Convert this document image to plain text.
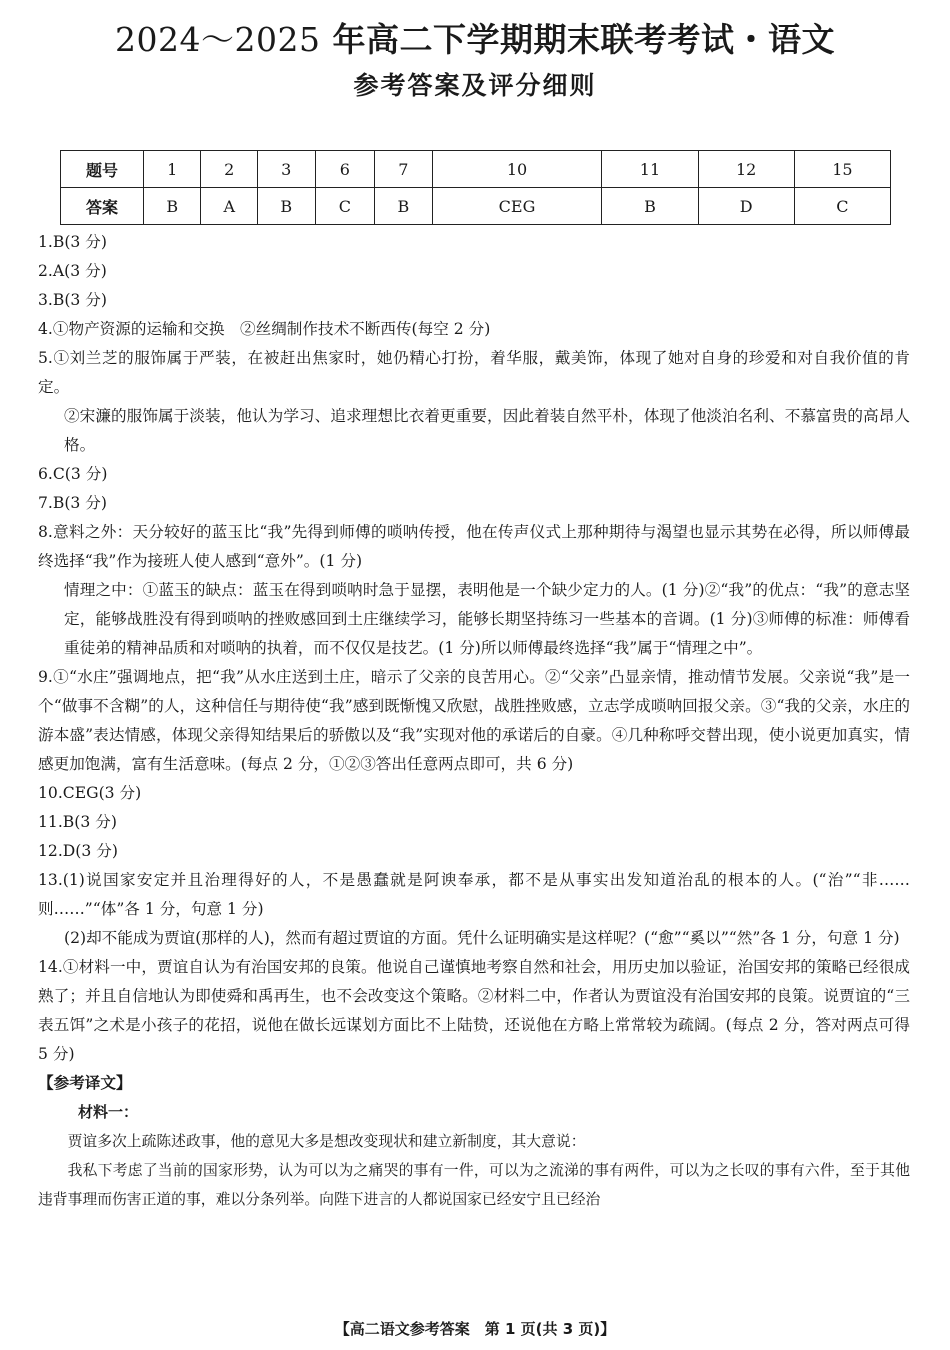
2024～2025 年高二下学期期末联考考试・语文
参考答案及评分细则
题号	1	2	3	6	7	10	11	12	15
答案	B	A	B	C	B	CEG	B	D	C
1.B(3 分)
2.A(3 分)
3.B(3 分)
4.①物产资源的运输和交换　②丝绸制作技术不断西传(每空 2 分)
5.①刘兰芝的服饰属于严装，在被赶出焦家时，她仍精心打扮，着华服，戴美饰，体现了她对自身的珍爱和对自我价值的肯定。
②宋濂的服饰属于淡装，他认为学习、追求理想比衣着更重要，因此着装自然平朴，体现了他淡泊名利、不慕富贵的高昂人格。
6.C(3 分)
7.B(3 分)
8.意料之外：天分较好的蓝玉比“我”先得到师傅的唢呐传授，他在传声仪式上那种期待与渴望也显示其势在必得，所以师傅最终选择“我”作为接班人使人感到“意外”。(1 分)
情理之中：①蓝玉的缺点：蓝玉在得到唢呐时急于显摆，表明他是一个缺少定力的人。(1 分)②“我”的优点：“我”的意志坚定，能够战胜没有得到唢呐的挫败感回到土庄继续学习，能够长期坚持练习一些基本的音调。(1 分)③师傅的标准：师傅看重徒弟的精神品质和对唢呐的执着，而不仅仅是技艺。(1 分)所以师傅最终选择“我”属于“情理之中”。
9.①“水庄”强调地点，把“我”从水庄送到土庄，暗示了父亲的良苦用心。②“父亲”凸显亲情，推动情节发展。父亲说“我”是一个“做事不含糊”的人，这种信任与期待使“我”感到既惭愧又欣慰，战胜挫败感，立志学成唢呐回报父亲。③“我的父亲，水庄的游本盛”表达情感，体现父亲得知结果后的骄傲以及“我”实现对他的承诺后的自豪。④几种称呼交替出现，使小说更加真实，情感更加饱满，富有生活意味。(每点 2 分，①②③答出任意两点即可，共 6 分)
10.CEG(3 分)
11.B(3 分)
12.D(3 分)
13.(1)说国家安定并且治理得好的人，不是愚蠢就是阿谀奉承，都不是从事实出发知道治乱的根本的人。(“治”“非……则……”“体”各 1 分，句意 1 分)
(2)却不能成为贾谊(那样的人)，然而有超过贾谊的方面。凭什么证明确实是这样呢？(“愈”“奚以”“然”各 1 分，句意 1 分)
14.①材料一中，贾谊自认为有治国安邦的良策。他说自己谨慎地考察自然和社会，用历史加以验证，治国安邦的策略已经很成熟了；并且自信地认为即使舜和禹再生，也不会改变这个策略。②材料二中，作者认为贾谊没有治国安邦的良策。说贾谊的“三表五饵”之术是小孩子的花招，说他在做长远谋划方面比不上陆贽，还说他在方略上常常较为疏阔。(每点 2 分，答对两点可得 5 分)
【参考译文】
材料一：
贾谊多次上疏陈述政事，他的意见大多是想改变现状和建立新制度，其大意说：
我私下考虑了当前的国家形势，认为可以为之痛哭的事有一件，可以为之流涕的事有两件，可以为之长叹的事有六件，至于其他违背事理而伤害正道的事，难以分条列举。向陛下进言的人都说国家已经安宁且已经治
【高二语文参考答案　第 1 页(共 3 页)】
